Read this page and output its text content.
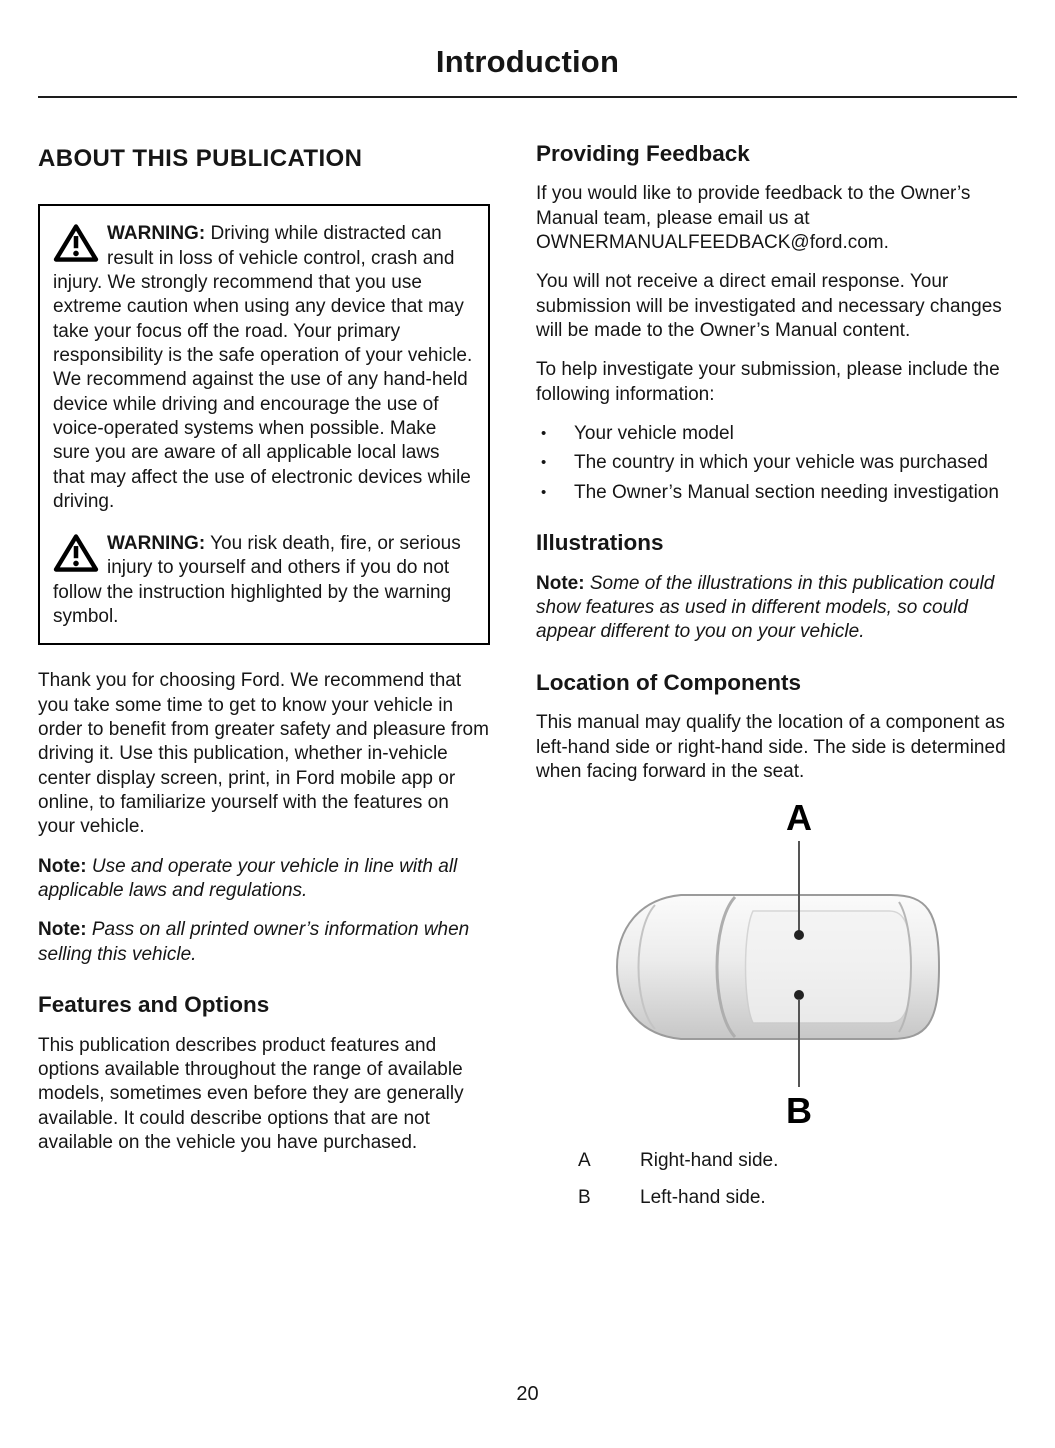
Introduction
ABOUT THIS PUBLICATION

WARNING: Driving while distracted can result in loss of vehicle control, crash and injury. We strongly recommend that you use extreme caution when using any device that may take your focus off the road. Your primary responsibility is the safe operation of your vehicle. We recommend against the use of any hand-held device while driving and encourage the use of voice-operated systems when possible. Make sure you are aware of all applicable local laws that may affect the use of electronic devices while driving.

WARNING: You risk death, fire, or serious injury to yourself and others if you do not follow the instruction highlighted by the warning symbol.

Thank you for choosing Ford. We recommend that you take some time to get to know your vehicle in order to benefit from greater safety and pleasure from driving it. Use this publication, whether in-vehicle center display screen, print, in Ford mobile app or online, to familiarize yourself with the features on your vehicle.

Note: Use and operate your vehicle in line with all applicable laws and regulations.

Note: Pass on all printed owner’s information when selling this vehicle.

Features and Options

This publication describes product features and options available throughout the range of available models, sometimes even before they are generally available. It could describe options that are not available on the vehicle you have purchased.

Providing Feedback

If you would like to provide feedback to the Owner’s Manual team, please email us at OWNERMANUALFEEDBACK@ford.com.

You will not receive a direct email response. Your submission will be investigated and necessary changes will be made to the Owner’s Manual content.

To help investigate your submission, please include the following information:

•	Your vehicle model
•	The country in which your vehicle was purchased
•	The Owner’s Manual section needing investigation
Illustrations

Note: Some of the illustrations in this publication could show features as used in different models, so could appear different to you on your vehicle.

Location of Components

This manual may qualify the location of a component as left-hand side or right-hand side. The side is determined when facing forward in the seat.

A
B
A	Right-hand side.
B	Left-hand side.
20
